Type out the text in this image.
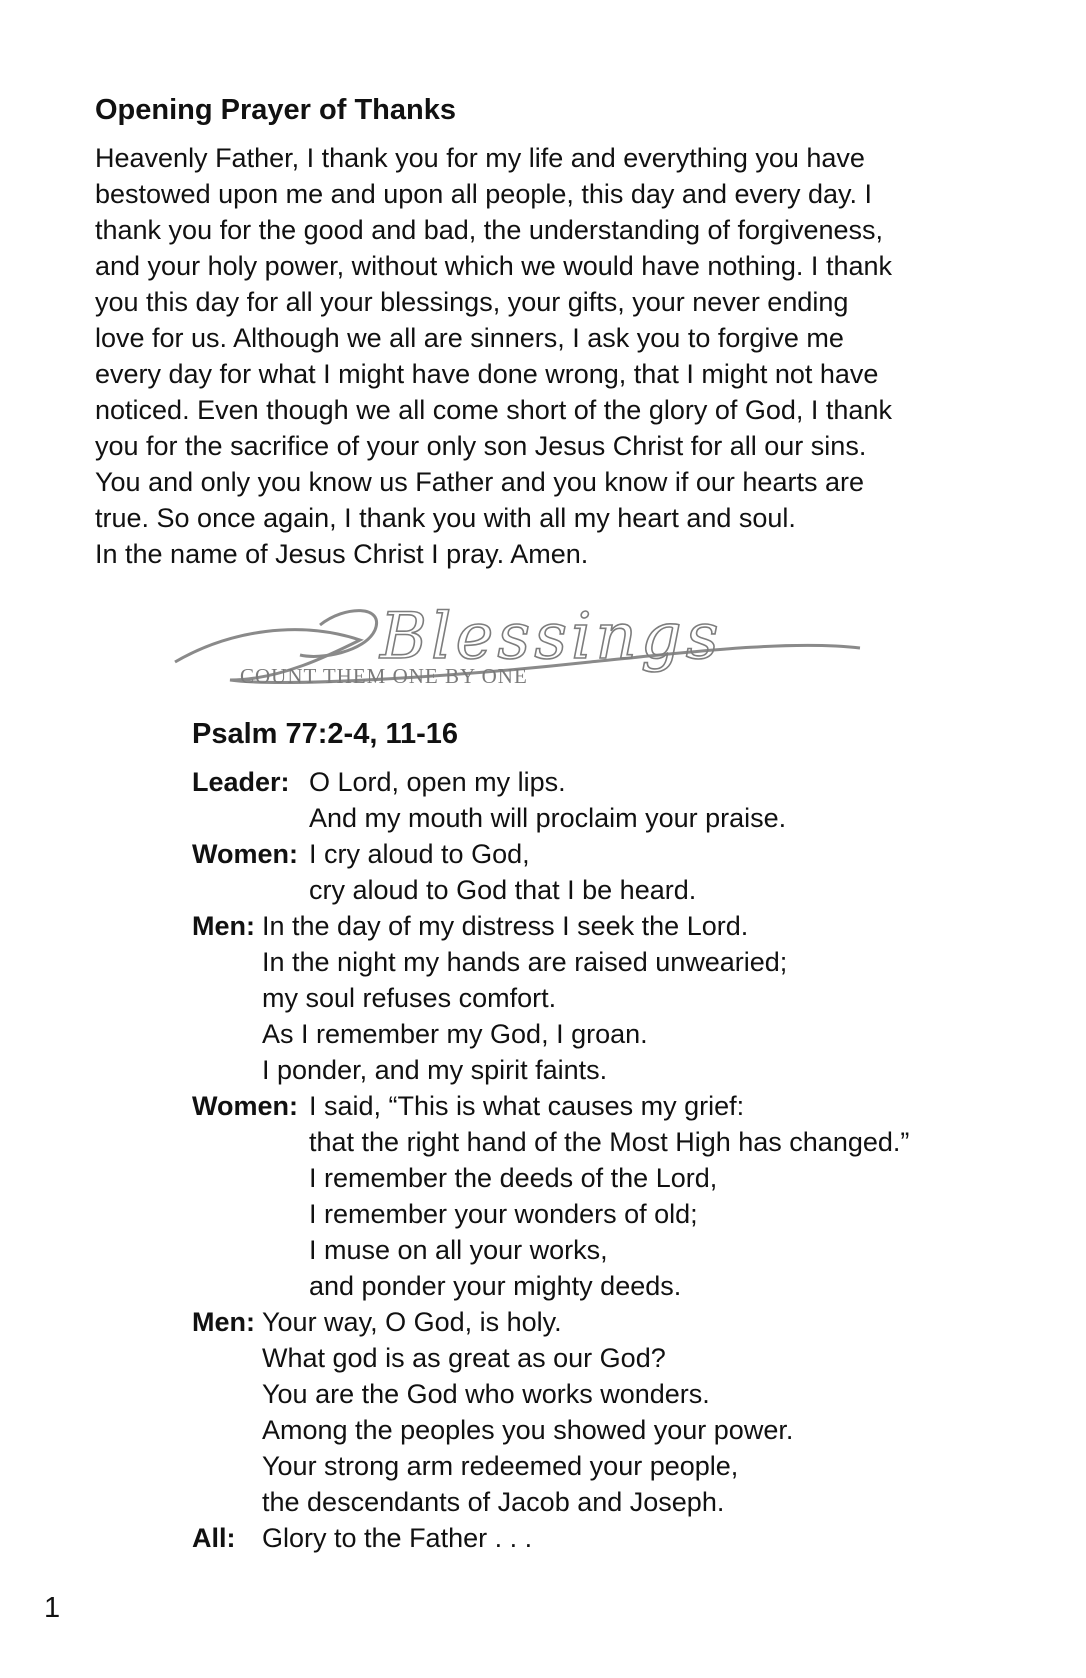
Opening Prayer of Thanks
Heavenly Father, I thank you for my life and everything you have
bestowed upon me and upon all people, this day and every day. I
thank you for the good and bad, the understanding of forgiveness,
and your holy power, without which we would have nothing. I thank
you this day for all your blessings, your gifts, your never ending
love for us. Although we all are sinners, I ask you to forgive me
every day for what I might have done wrong, that I might not have
noticed. Even though we all come short of the glory of God, I thank
you for the sacrifice of your only son Jesus Christ for all our sins.
You and only you know us Father and you know if our hearts are
true. So once again, I thank you with all my heart and soul.
In the name of Jesus Christ I pray. Amen.
Blessings
COUNT THEM ONE BY ONE
Psalm 77:2-4, 11-16
Leader: O Lord, open my lips.
And my mouth will proclaim your praise.
Women: I cry aloud to God,
cry aloud to God that I be heard.
Men: In the day of my distress I seek the Lord.
In the night my hands are raised unwearied;
my soul refuses comfort.
As I remember my God, I groan.
I ponder, and my spirit faints.
Women: I said, “This is what causes my grief:
that the right hand of the Most High has changed.”
I remember the deeds of the Lord,
I remember your wonders of old;
I muse on all your works,
and ponder your mighty deeds.
Men: Your way, O God, is holy.
What god is as great as our God?
You are the God who works wonders.
Among the peoples you showed your power.
Your strong arm redeemed your people,
the descendants of Jacob and Joseph.
All: Glory to the Father . . .
1
